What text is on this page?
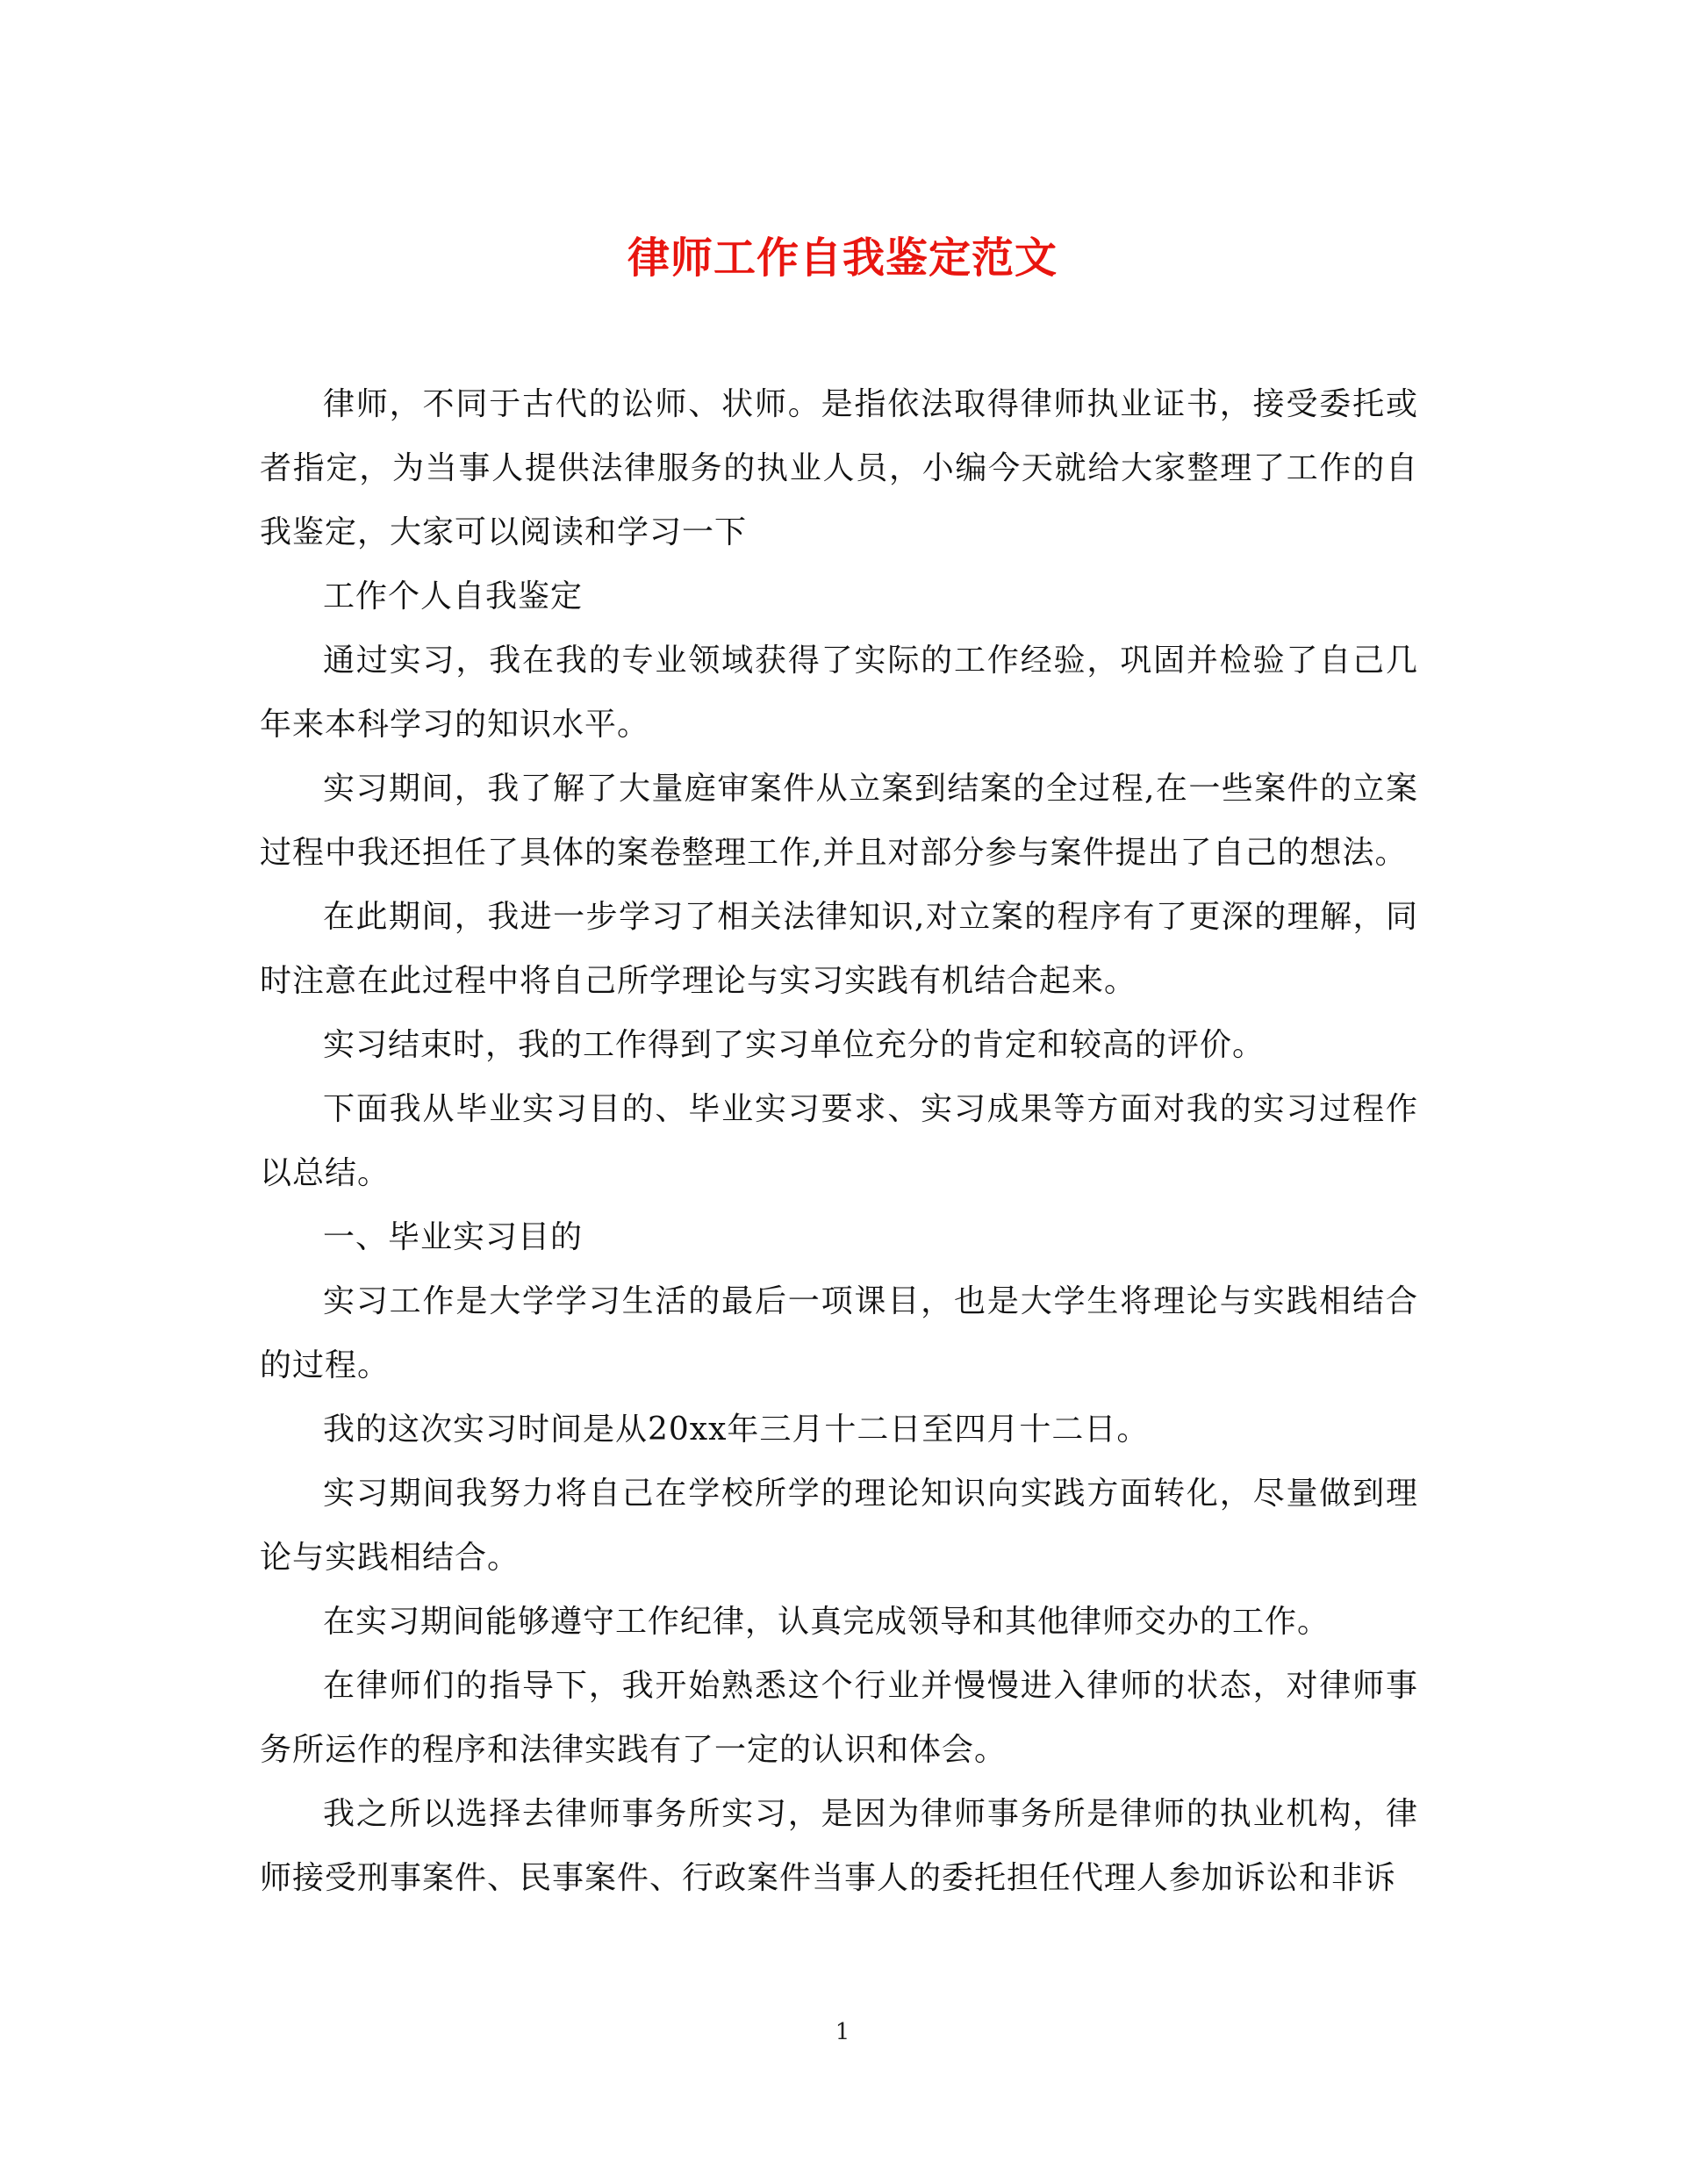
律师工作自我鉴定范文

律师，不同于古代的讼师、状师。是指依法取得律师执业证书，接受委托或者指定，为当事人提供法律服务的执业人员，小编今天就给大家整理了工作的自我鉴定，大家可以阅读和学习一下

工作个人自我鉴定

通过实习，我在我的专业领域获得了实际的工作经验，巩固并检验了自己几年来本科学习的知识水平。

实习期间，我了解了大量庭审案件从立案到结案的全过程,在一些案件的立案过程中我还担任了具体的案卷整理工作,并且对部分参与案件提出了自己的想法。

在此期间，我进一步学习了相关法律知识,对立案的程序有了更深的理解，同时注意在此过程中将自己所学理论与实习实践有机结合起来。

实习结束时，我的工作得到了实习单位充分的肯定和较高的评价。

下面我从毕业实习目的、毕业实习要求、实习成果等方面对我的实习过程作以总结。

一、毕业实习目的

实习工作是大学学习生活的最后一项课目，也是大学生将理论与实践相结合的过程。

我的这次实习时间是从20xx年三月十二日至四月十二日。

实习期间我努力将自己在学校所学的理论知识向实践方面转化，尽量做到理论与实践相结合。

在实习期间能够遵守工作纪律，认真完成领导和其他律师交办的工作。

在律师们的指导下，我开始熟悉这个行业并慢慢进入律师的状态，对律师事务所运作的程序和法律实践有了一定的认识和体会。

我之所以选择去律师事务所实习，是因为律师事务所是律师的执业机构，律师接受刑事案件、民事案件、行政案件当事人的委托担任代理人参加诉讼和非诉

1
